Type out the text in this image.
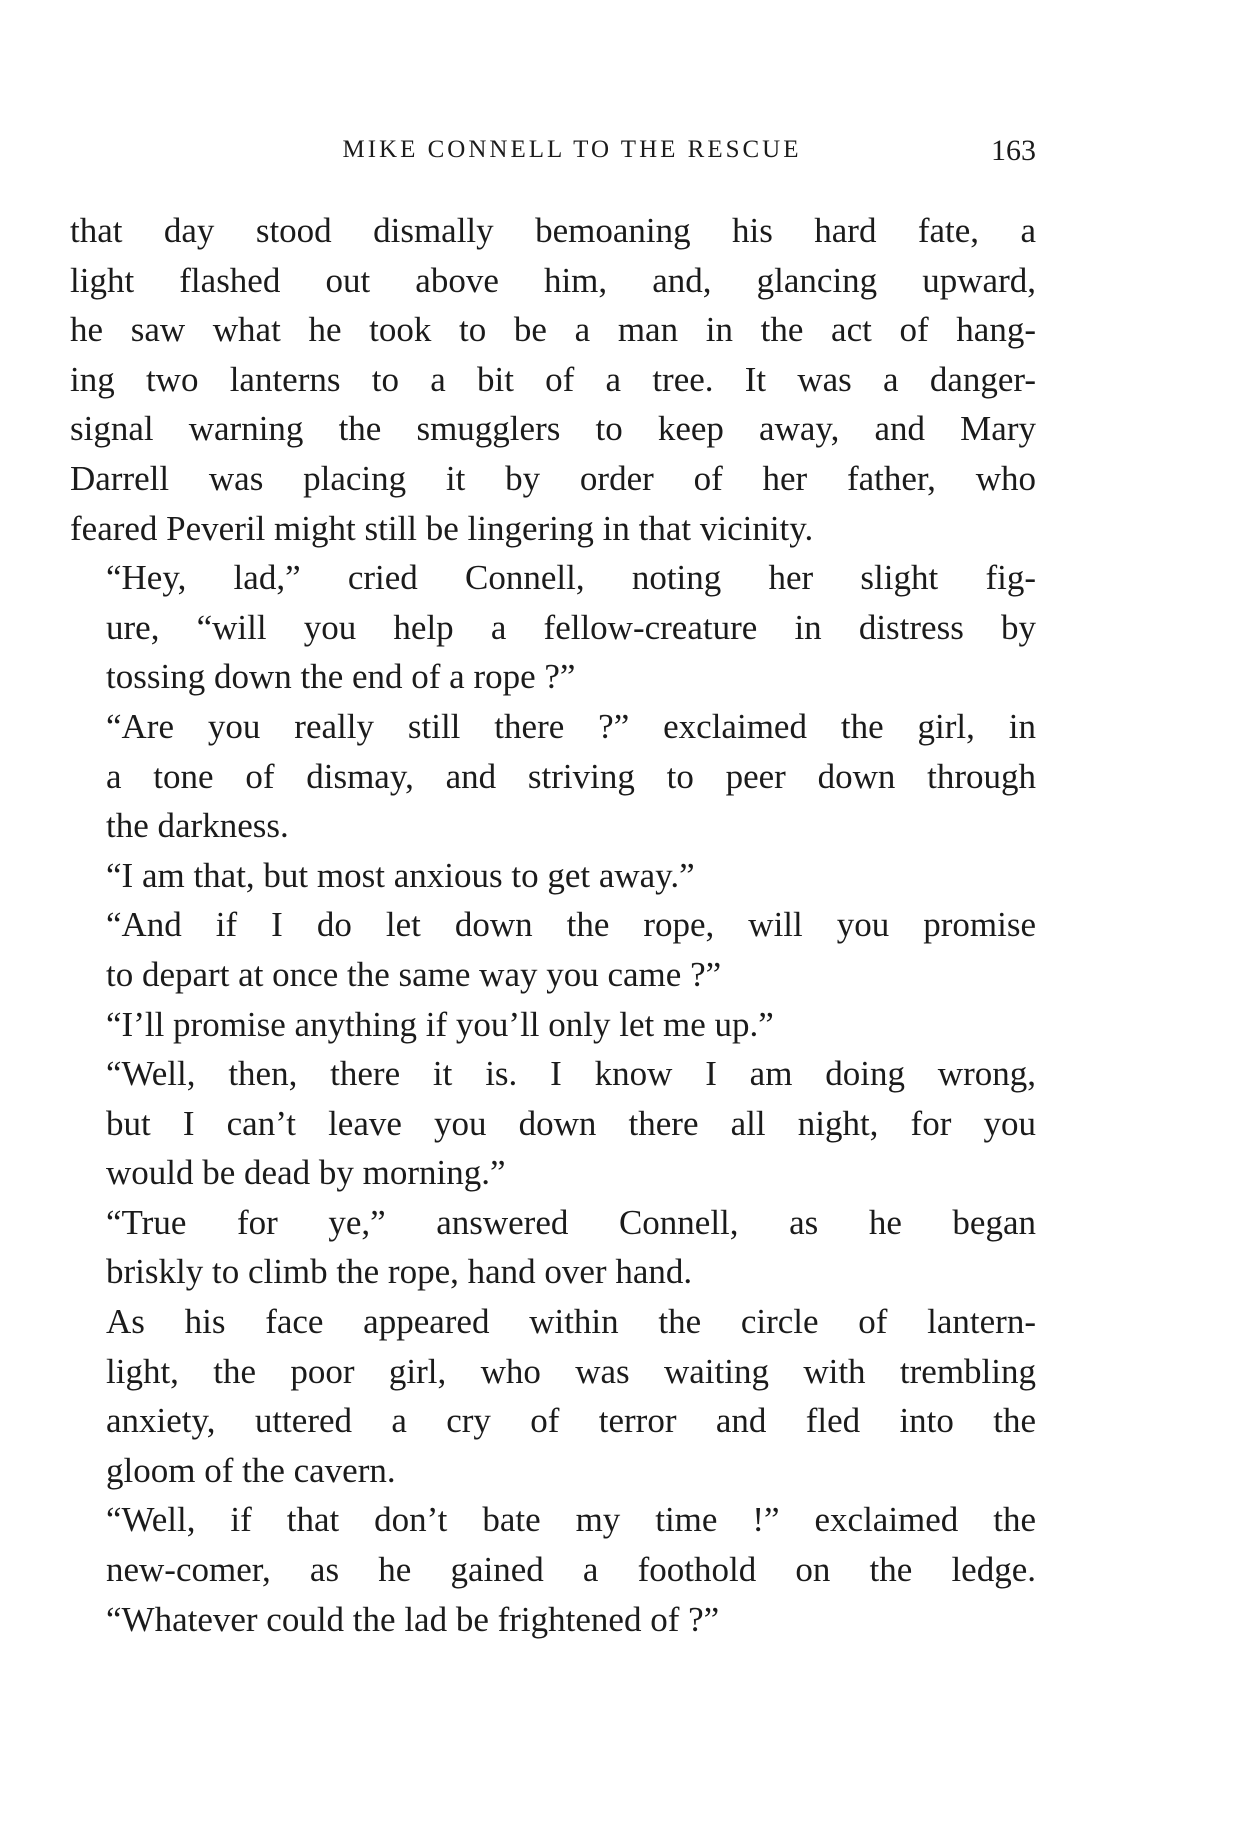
MIKE CONNELL TO THE RESCUE	163

that day stood dismally bemoaning his hard fate, a
light flashed out above him, and, glancing upward,
he saw what he took to be a man in the act of hang-
ing two lanterns to a bit of a tree. It was a danger-
signal warning the smugglers to keep away, and Mary
Darrell was placing it by order of her father, who
feared Peveril might still be lingering in that vicinity.

“Hey, lad,” cried Connell, noting her slight fig-
ure, “will you help a fellow-creature in distress by
tossing down the end of a rope ?”

“Are you really still there ?” exclaimed the girl, in
a tone of dismay, and striving to peer down through
the darkness.

“I am that, but most anxious to get away.”

“And if I do let down the rope, will you promise
to depart at once the same way you came ?”

“I’ll promise anything if you’ll only let me up.”

“Well, then, there it is. I know I am doing wrong,
but I can’t leave you down there all night, for you
would be dead by morning.”

“True for ye,” answered Connell, as he began
briskly to climb the rope, hand over hand.

As his face appeared within the circle of lantern-
light, the poor girl, who was waiting with trembling
anxiety, uttered a cry of terror and fled into the
gloom of the cavern.

“Well, if that don’t bate my time !” exclaimed the
new-comer, as he gained a foothold on the ledge.
“Whatever could the lad be frightened of ?”
